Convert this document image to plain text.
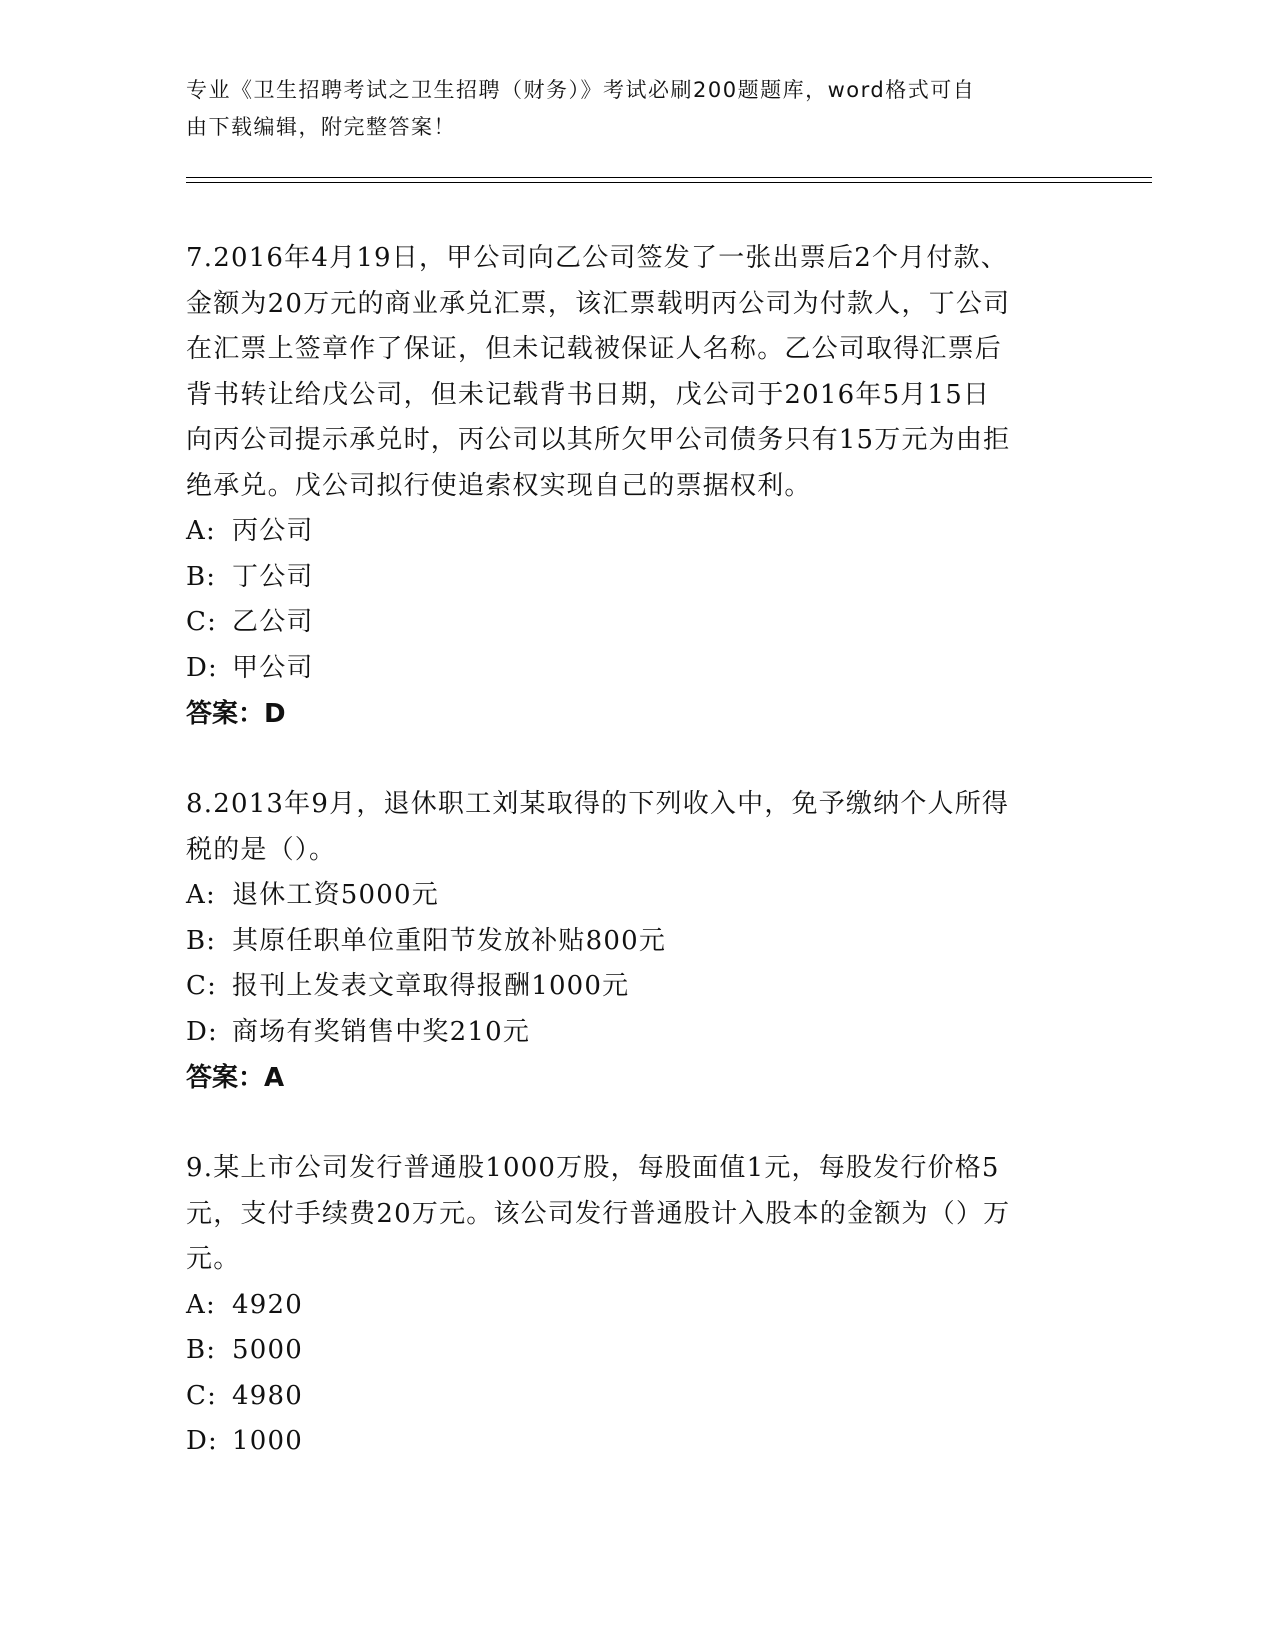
专业《卫生招聘考试之卫生招聘（财务）》考试必刷200题题库，word格式可自
由下载编辑，附完整答案！

7.2016年4月19日，甲公司向乙公司签发了一张出票后2个月付款、

金额为20万元的商业承兑汇票，该汇票载明丙公司为付款人，丁公司

在汇票上签章作了保证，但未记载被保证人名称。乙公司取得汇票后

背书转让给戊公司，但未记载背书日期，戊公司于2016年5月15日

向丙公司提示承兑时，丙公司以其所欠甲公司债务只有15万元为由拒

绝承兑。戊公司拟行使追索权实现自己的票据权利。

A: 丙公司

B: 丁公司

C: 乙公司

D: 甲公司

答案：D

8.2013年9月，退休职工刘某取得的下列收入中，免予缴纳个人所得

税的是（）。

A: 退休工资5000元

B: 其原任职单位重阳节发放补贴800元

C: 报刊上发表文章取得报酬1000元

D: 商场有奖销售中奖210元

答案：A

9.某上市公司发行普通股1000万股，每股面值1元，每股发行价格5

元，支付手续费20万元。该公司发行普通股计入股本的金额为（）万

元。

A: 4920

B: 5000

C: 4980

D: 1000
